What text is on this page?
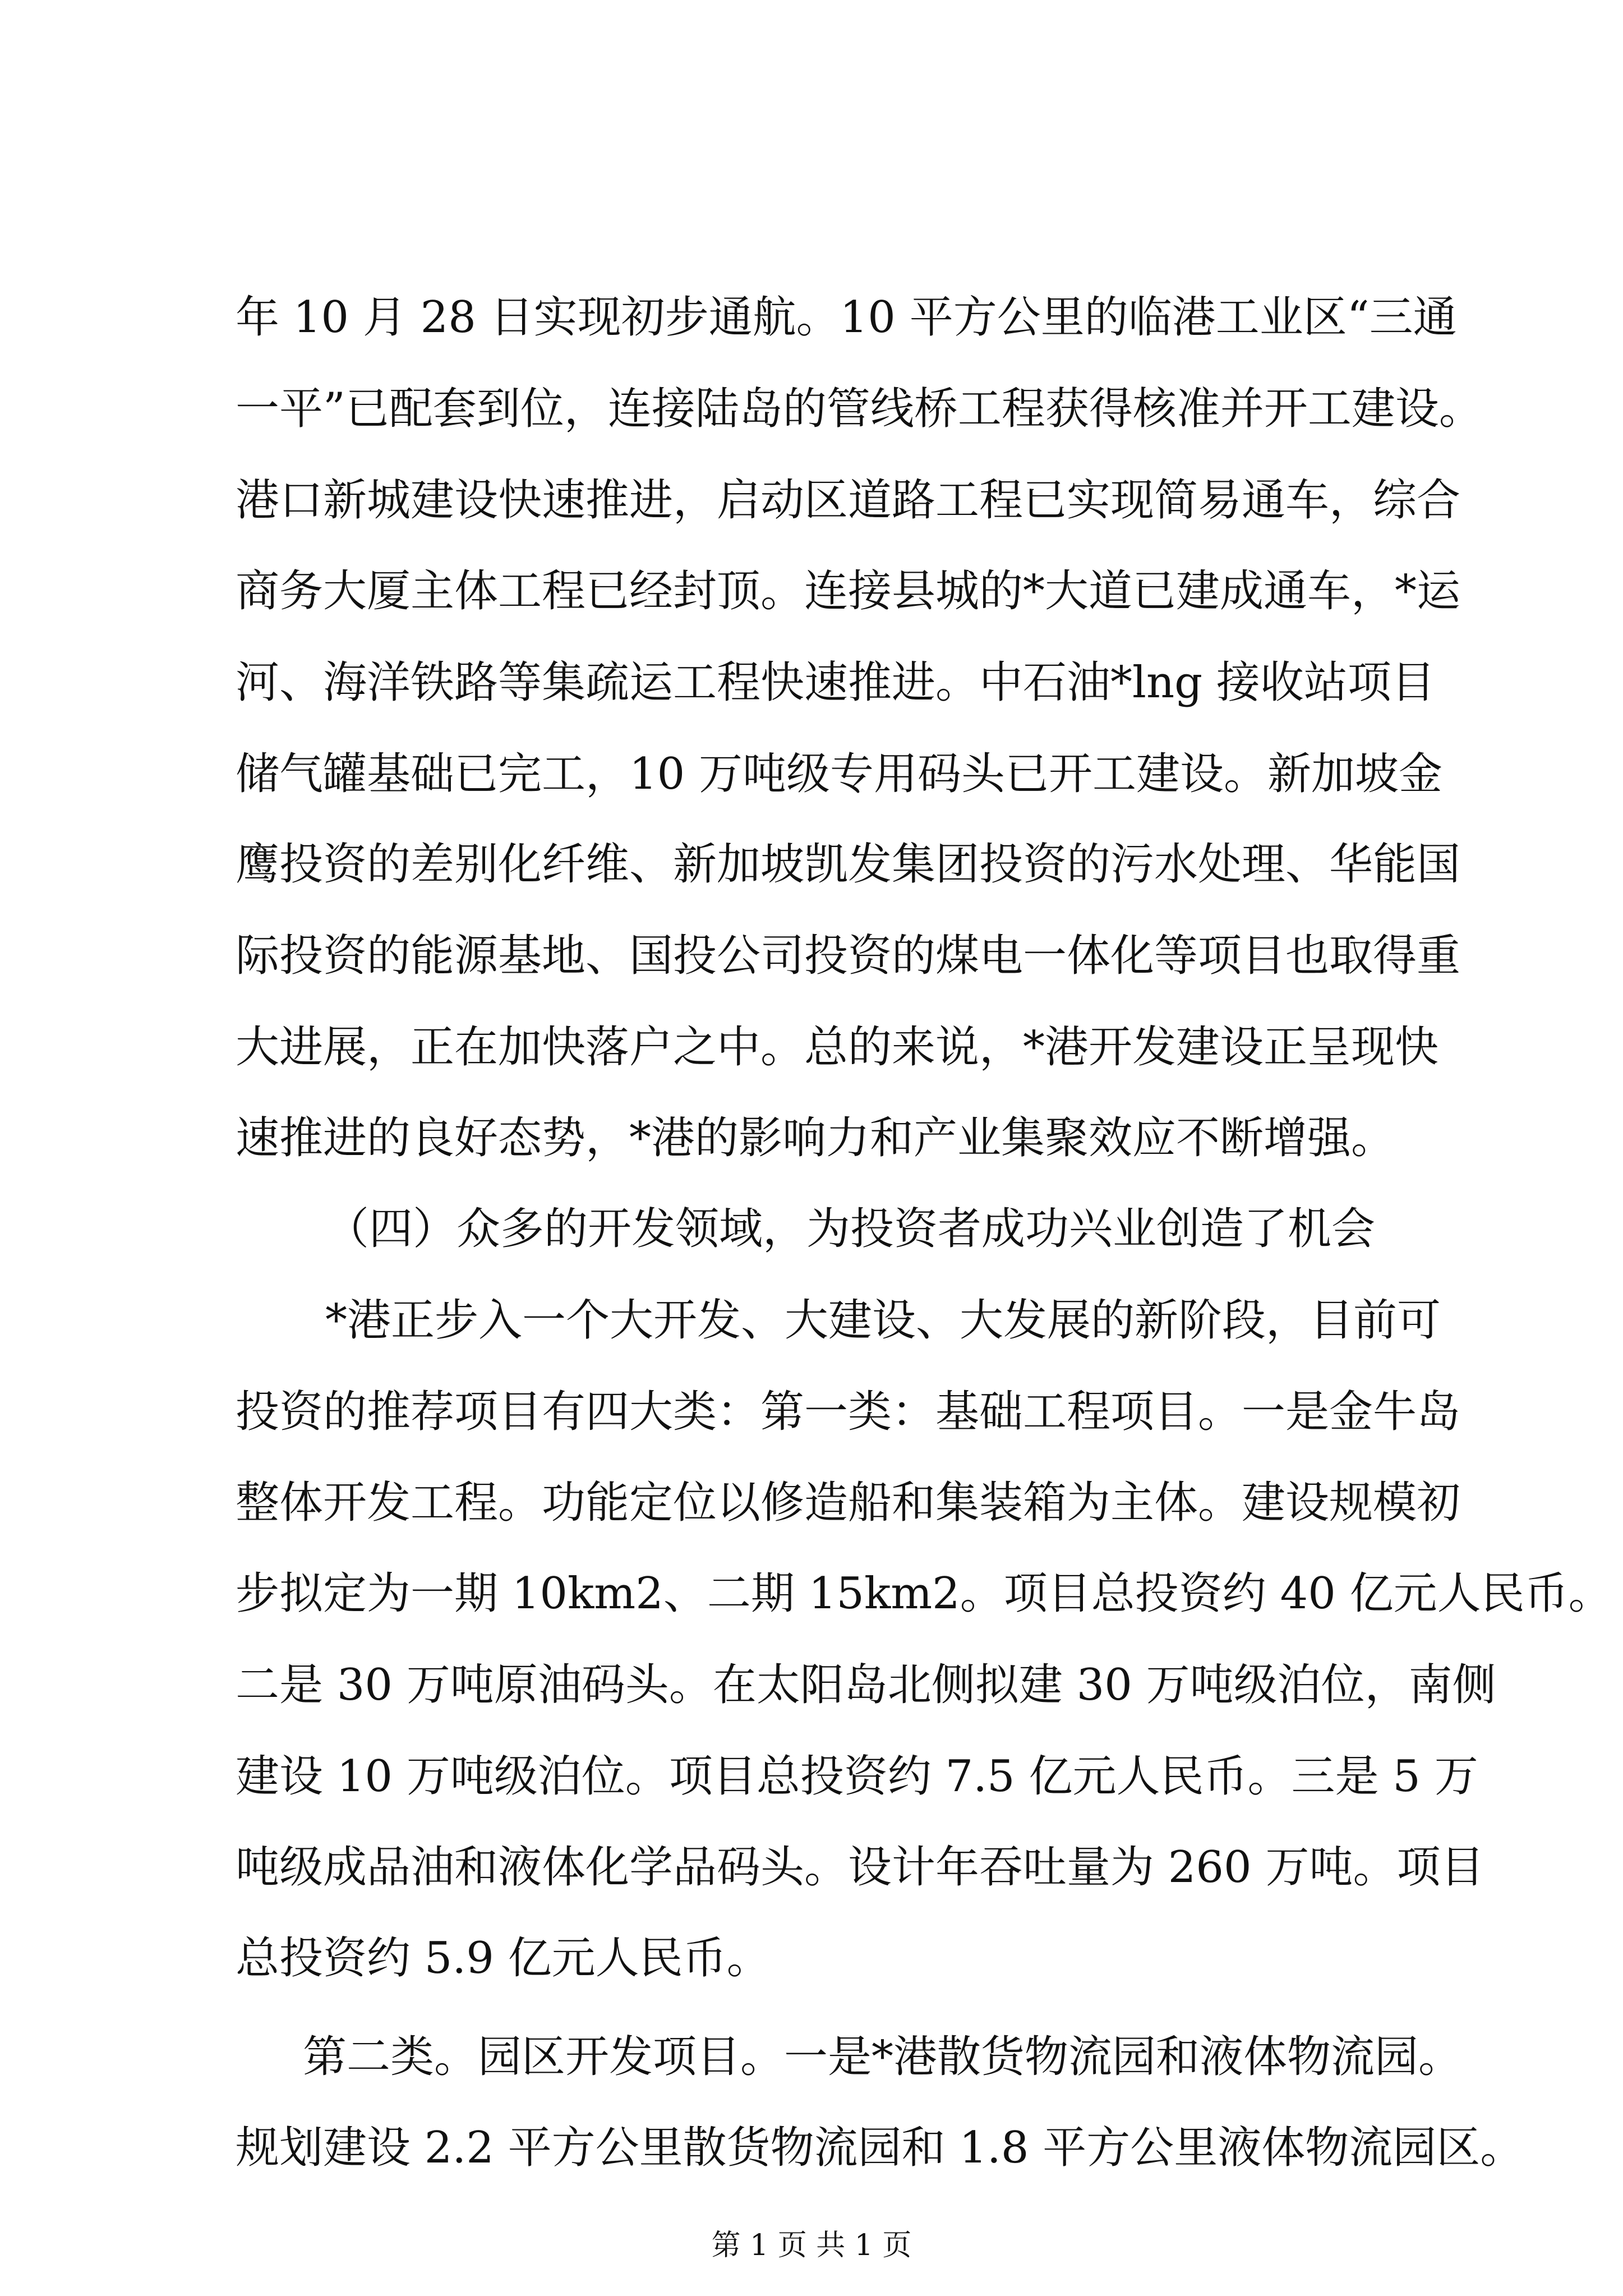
年 10 月 28 日实现初步通航。10 平方公里的临港工业区“三通
一平”已配套到位，连接陆岛的管线桥工程获得核准并开工建设。
港口新城建设快速推进，启动区道路工程已实现简易通车，综合
商务大厦主体工程已经封顶。连接县城的*大道已建成通车，*运
河、海洋铁路等集疏运工程快速推进。中石油*lng 接收站项目
储气罐基础已完工，10 万吨级专用码头已开工建设。新加坡金
鹰投资的差别化纤维、新加坡凯发集团投资的污水处理、华能国
际投资的能源基地、国投公司投资的煤电一体化等项目也取得重
大进展，正在加快落户之中。总的来说，*港开发建设正呈现快
速推进的良好态势，*港的影响力和产业集聚效应不断增强。
（四）众多的开发领域，为投资者成功兴业创造了机会
*港正步入一个大开发、大建设、大发展的新阶段，目前可
投资的推荐项目有四大类：第一类：基础工程项目。一是金牛岛
整体开发工程。功能定位以修造船和集装箱为主体。建设规模初
步拟定为一期 10km2、二期 15km2。项目总投资约 40 亿元人民币。
二是 30 万吨原油码头。在太阳岛北侧拟建 30 万吨级泊位，南侧
建设 10 万吨级泊位。项目总投资约 7.5 亿元人民币。三是 5 万
吨级成品油和液体化学品码头。设计年吞吐量为 260 万吨。项目
总投资约 5.9 亿元人民币。
第二类。园区开发项目。一是*港散货物流园和液体物流园。
规划建设 2.2 平方公里散货物流园和 1.8 平方公里液体物流园区。
第 1 页 共 1 页
